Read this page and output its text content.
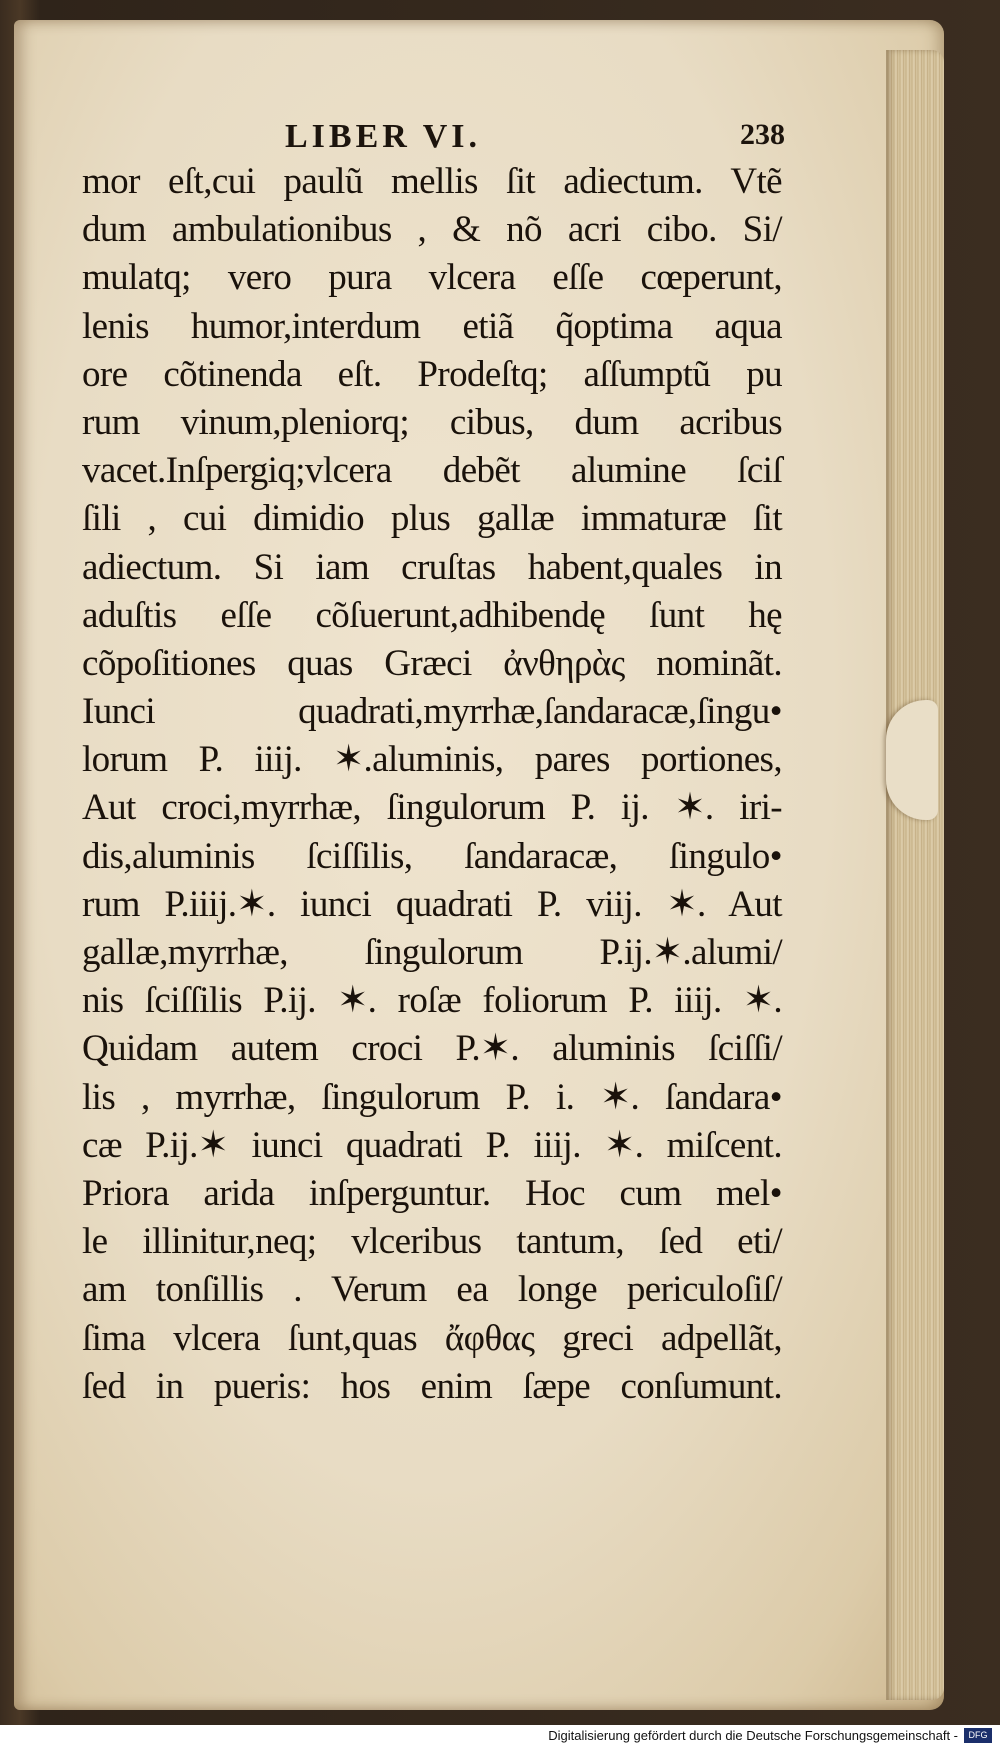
LIBER VI.	238
mor eſt,cui paulũ mellis ſit adiectum. Vtẽ
dum ambulationibus , & nõ acri cibo. Si/
mulatq; vero pura vlcera eſſe cœperunt,
lenis humor,interdum etiã q̃optima aqua
ore cõtinenda eſt. Prodeſtq; aſſumptũ pu
rum vinum,pleniorq; cibus, dum acribus
vacet.Inſpergiq;vlcera debẽt alumine ſciſ
ſili , cui dimidio plus gallæ immaturæ ſit
adiectum. Si iam cruſtas habent,quales in
aduſtis eſſe cõſuerunt,adhibendę ſunt hę
cõpoſitiones quas Græci ἀνθηρὰς nominãt.
Iunci quadrati,myrrhæ,ſandaracæ,ſingu•
lorum P. iiij. ✶.aluminis, pares portiones,
Aut croci,myrrhæ, ſingulorum P. ij. ✶. iri-
dis,aluminis ſciſſilis, ſandaracæ, ſingulo•
rum P.iiij.✶. iunci quadrati P. viij. ✶. Aut
gallæ,myrrhæ, ſingulorum P.ij.✶.alumi/
nis ſciſſilis P.ij. ✶. roſæ foliorum P. iiij. ✶.
Quidam autem croci P.✶. aluminis ſciſſi/
lis , myrrhæ, ſingulorum P. i. ✶. ſandara•
cæ P.ij.✶ iunci quadrati P. iiij. ✶. miſcent.
Priora arida inſperguntur. Hoc cum mel•
le illinitur,neq; vlceribus tantum, ſed eti/
am tonſillis . Verum ea longe periculoſiſ/
ſima vlcera ſunt,quas ἄφθας greci adpellãt,
ſed in pueris: hos enim ſæpe conſumunt.
Digitalisierung gefördert durch die Deutsche Forschungsgemeinschaft -	DFG
